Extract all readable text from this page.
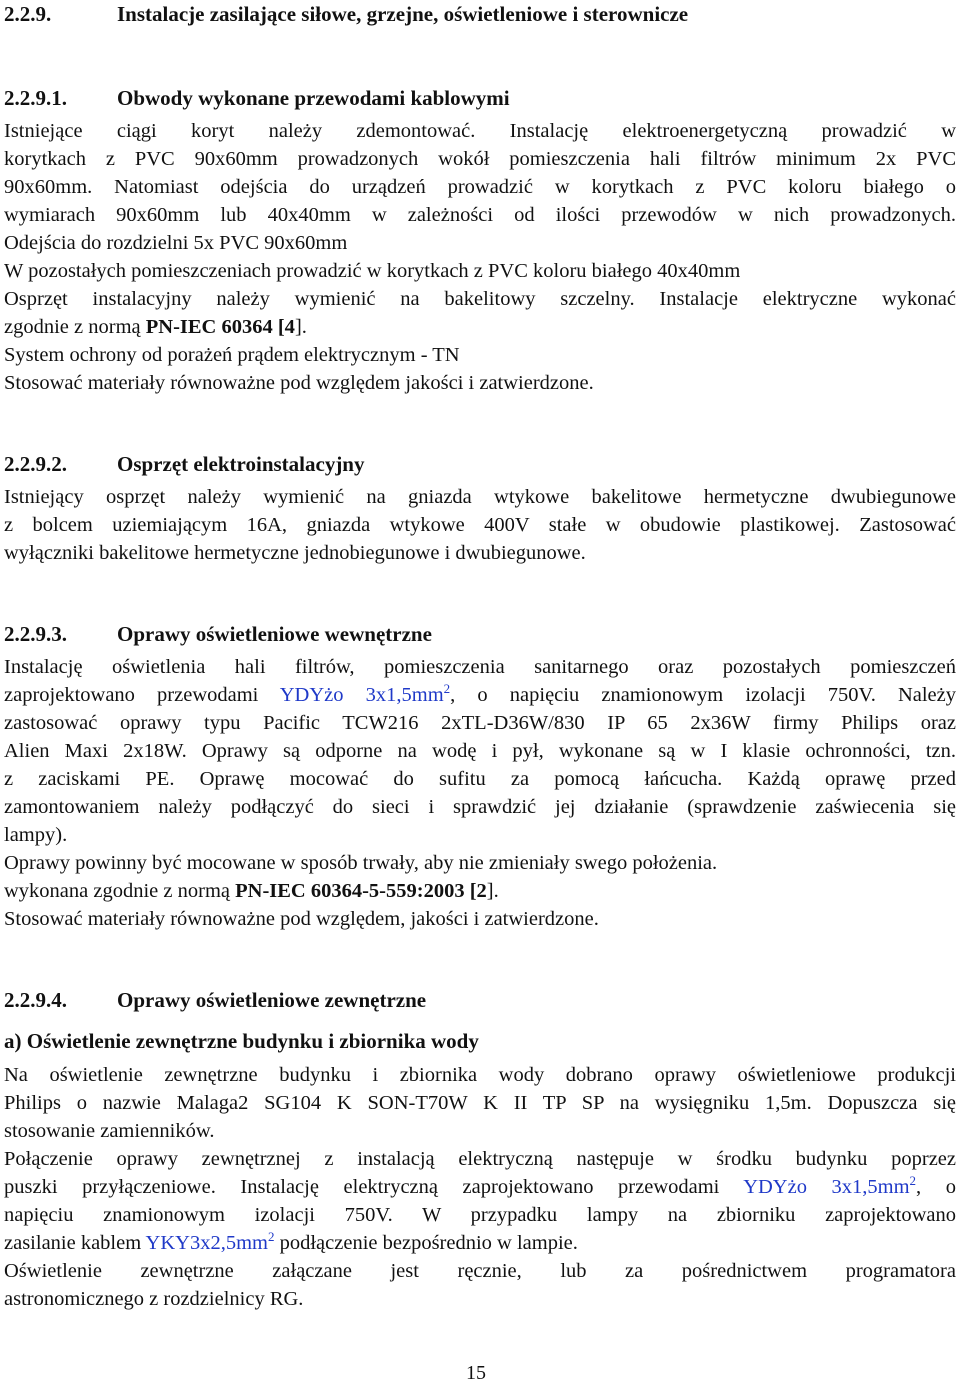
2.2.9.	Instalacje zasilające siłowe, grzejne, oświetleniowe i sterownicze
2.2.9.1. Obwody wykonane przewodami kablowymi
Istniejące ciągi koryt należy zdemontować. Instalację elektroenergetyczną prowadzić w
korytkach z PVC 90x60mm prowadzonych wokół pomieszczenia hali filtrów minimum 2x PVC
90x60mm. Natomiast odejścia do urządzeń prowadzić w korytkach z PVC koloru białego o
wymiarach 90x60mm lub 40x40mm w zależności od ilości przewodów w nich prowadzonych.
Odejścia do rozdzielni 5x PVC 90x60mm
W pozostałych pomieszczeniach prowadzić w korytkach z PVC koloru białego 40x40mm
Osprzęt instalacyjny należy wymienić na bakelitowy szczelny. Instalacje elektryczne wykonać
zgodnie z normą PN-IEC 60364 [4].
System ochrony od porażeń prądem elektrycznym - TN
Stosować materiały równoważne pod względem jakości i zatwierdzone.
2.2.9.2. Osprzęt elektroinstalacyjny
Istniejący osprzęt należy wymienić na gniazda wtykowe bakelitowe hermetyczne dwubiegunowe
z bolcem uziemiającym 16A, gniazda wtykowe 400V stałe w obudowie plastikowej. Zastosować
wyłączniki bakelitowe hermetyczne jednobiegunowe i dwubiegunowe.
2.2.9.3. Oprawy oświetleniowe wewnętrzne
Instalację oświetlenia hali filtrów, pomieszczenia sanitarnego oraz pozostałych pomieszczeń
zaprojektowano przewodami YDYżo $3x1,5mm^2$, o napięciu znamionowym izolacji 750V. Należy
zastosować oprawy typu Pacific TCW216 2xTL-D36W/830 IP 65 2x36W firmy Philips oraz
Alien Maxi 2x18W. Oprawy są odporne na wodę i pył, wykonane są w I klasie ochronności, tzn.
z zaciskami PE. Oprawę mocować do sufitu za pomocą łańcucha. Każdą oprawę przed
zamontowaniem należy podłączyć do sieci i sprawdzić jej działanie (sprawdzenie zaświecenia się
lampy).
Oprawy powinny być mocowane w sposób trwały, aby nie zmieniały swego położenia.
wykonana zgodnie z normą PN-IEC 60364-5-559:2003 [2].
Stosować materiały równoważne pod względem, jakości i zatwierdzone.
2.2.9.4. Oprawy oświetleniowe zewnętrzne
a) Oświetlenie zewnętrzne budynku i zbiornika wody
Na oświetlenie zewnętrzne budynku i zbiornika wody dobrano oprawy oświetleniowe produkcji
Philips o nazwie Malaga2 SG104 K SON-T70W K II TP SP na wysięgniku 1,5m. Dopuszcza się
stosowanie zamienników.
Połączenie oprawy zewnętrznej z instalacją elektryczną następuje w środku budynku poprzez
puszki przyłączeniowe. Instalację elektryczną zaprojektowano przewodami YDYżo $3x1,5mm^2$, o
napięciu znamionowym izolacji 750V. W przypadku lampy na zbiorniku zaprojektowano
zasilanie kablem $YKY3x2,5mm^2$ podłączenie bezpośrednio w lampie.
Oświetlenie zewnętrzne załączane jest ręcznie, lub za pośrednictwem programatora
astronomicznego z rozdzielnicy RG.
15
